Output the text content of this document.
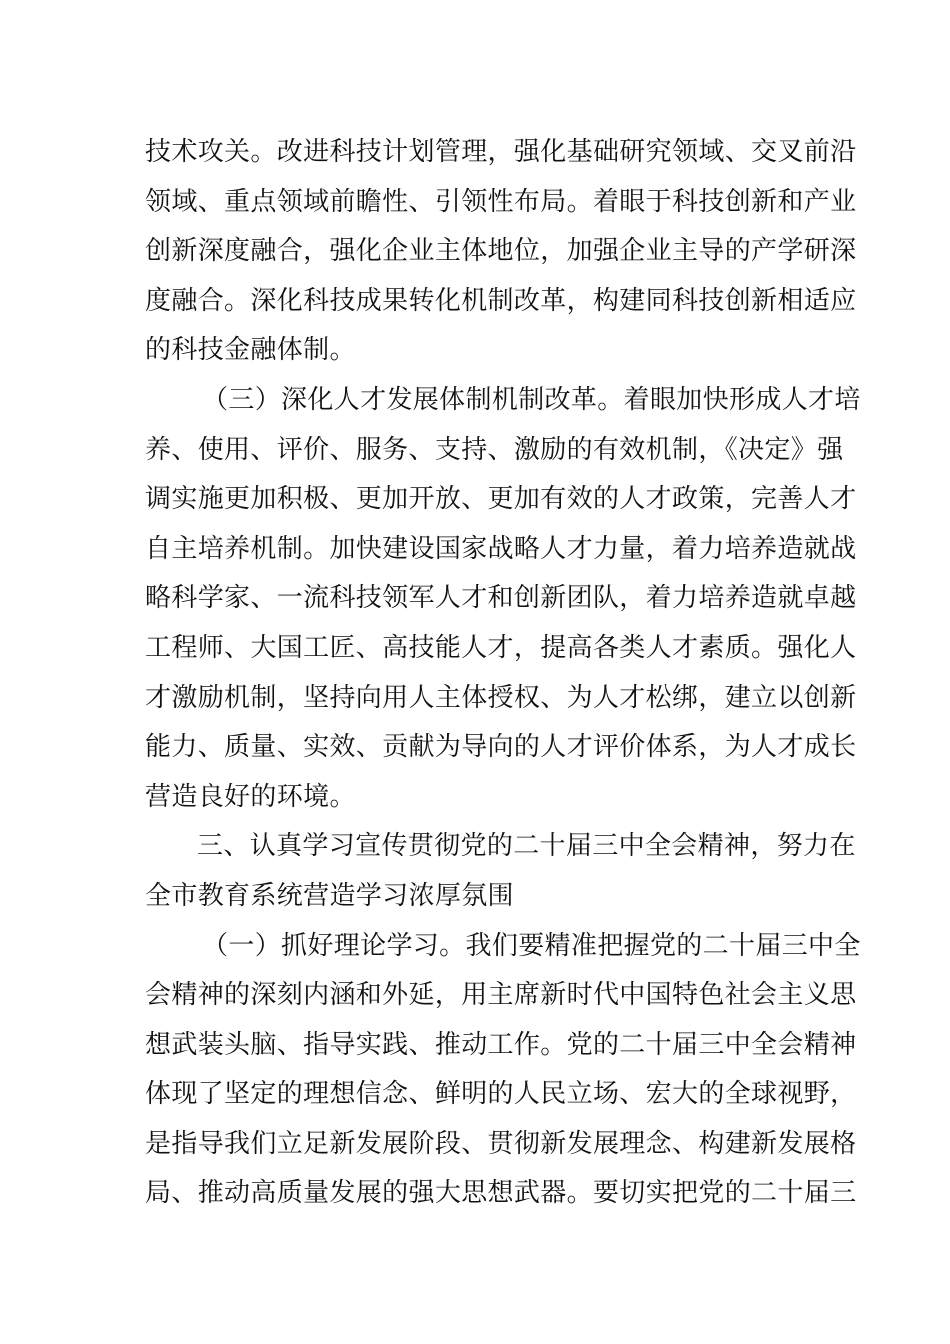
技术攻关。改进科技计划管理，强化基础研究领域、交叉前沿
领域、重点领域前瞻性、引领性布局。着眼于科技创新和产业
创新深度融合，强化企业主体地位，加强企业主导的产学研深
度融合。深化科技成果转化机制改革，构建同科技创新相适应
的科技金融体制。
（三）深化人才发展体制机制改革。着眼加快形成人才培
养、使用、评价、服务、支持、激励的有效机制，《决定》强
调实施更加积极、更加开放、更加有效的人才政策，完善人才
自主培养机制。加快建设国家战略人才力量，着力培养造就战
略科学家、一流科技领军人才和创新团队，着力培养造就卓越
工程师、大国工匠、高技能人才，提高各类人才素质。强化人
才激励机制，坚持向用人主体授权、为人才松绑，建立以创新
能力、质量、实效、贡献为导向的人才评价体系，为人才成长
营造良好的环境。
三、认真学习宣传贯彻党的二十届三中全会精神，努力在
全市教育系统营造学习浓厚氛围
（一）抓好理论学习。我们要精准把握党的二十届三中全
会精神的深刻内涵和外延，用主席新时代中国特色社会主义思
想武装头脑、指导实践、推动工作。党的二十届三中全会精神
体现了坚定的理想信念、鲜明的人民立场、宏大的全球视野，
是指导我们立足新发展阶段、贯彻新发展理念、构建新发展格
局、推动高质量发展的强大思想武器。要切实把党的二十届三
